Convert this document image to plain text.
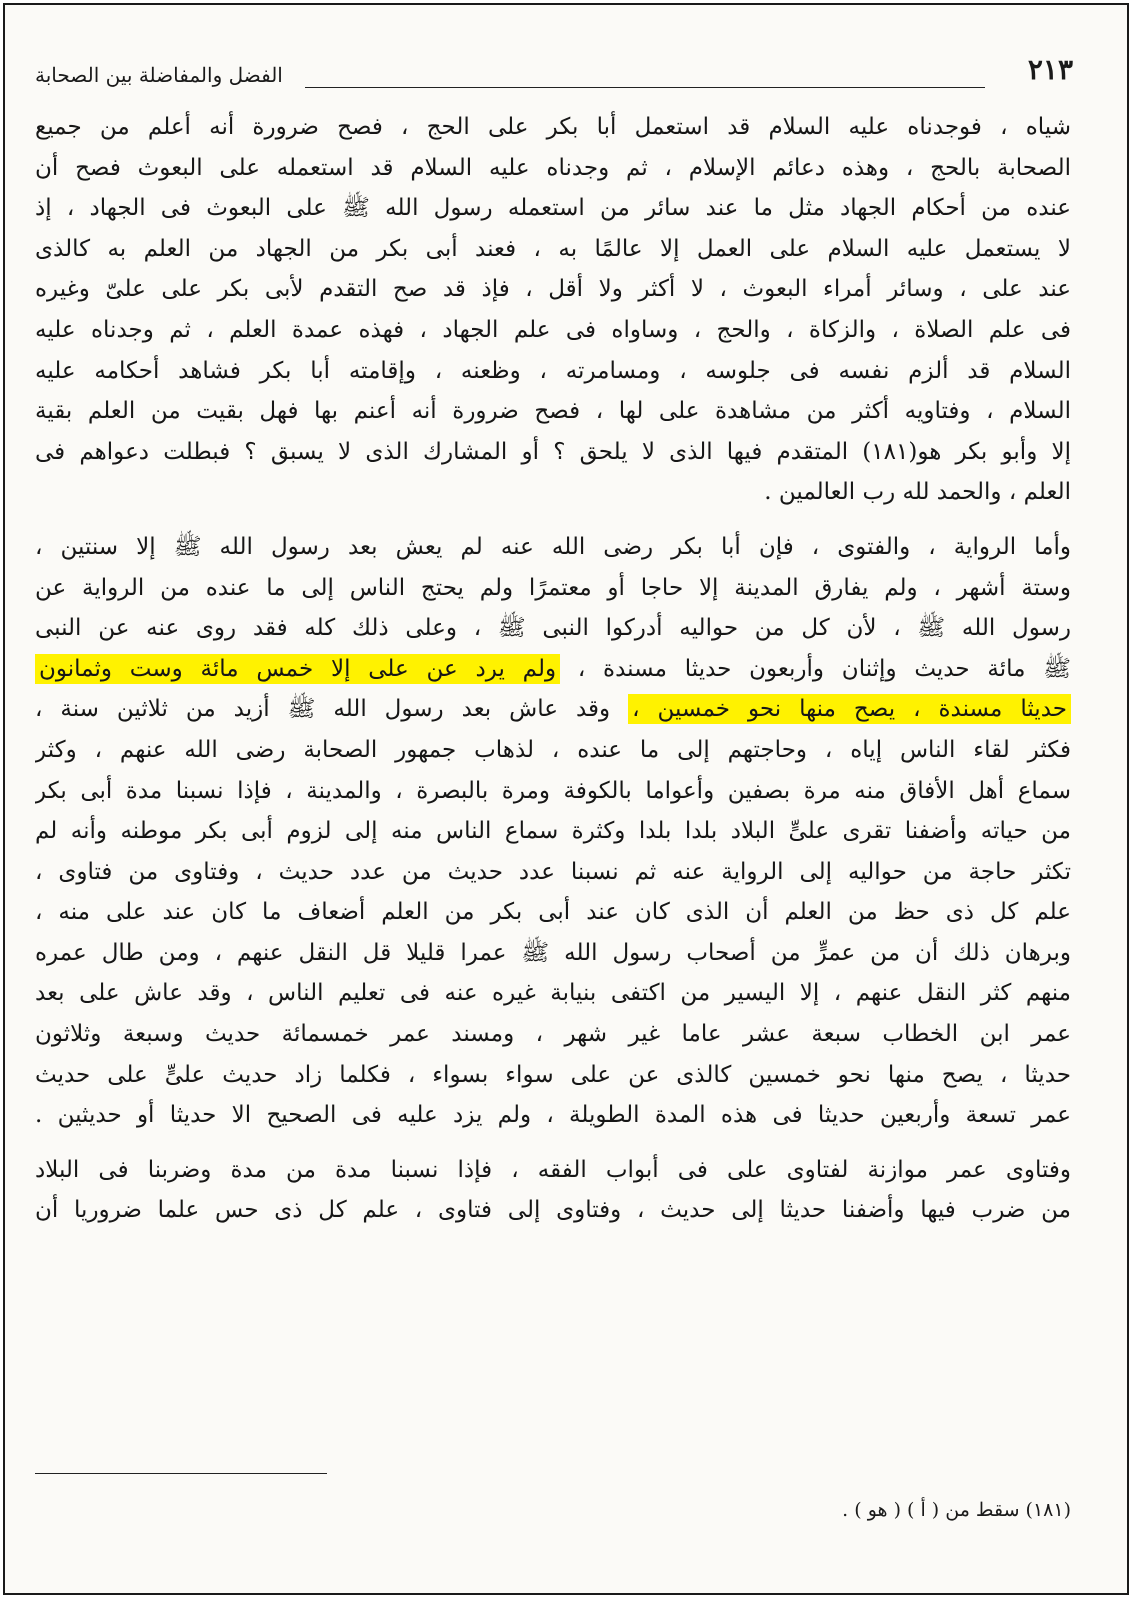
٢١٣
الفضل والمفاضلة بين الصحابة

شياه ، فوجدناه عليه السلام قد استعمل أبا بكر على الحج ، فصح ضرورة أنه أعلم من جميع

الصحابة بالحج ، وهذه دعائم الإسلام ، ثم وجدناه عليه السلام قد استعمله على البعوث فصح أن

عنده من أحكام الجهاد مثل ما عند سائر من استعمله رسول الله ﷺ على البعوث فى الجهاد ، إذ

لا يستعمل عليه السلام على العمل إلا عالمًا به ، فعند أبى بكر من الجهاد من العلم به كالذى

عند على ، وسائر أمراء البعوث ، لا أكثر ولا أقل ، فإذ قد صح التقدم لأبى بكر على علىّ وغيره

فى علم الصلاة ، والزكاة ، والحج ، وساواه فى علم الجهاد ، فهذه عمدة العلم ، ثم وجدناه عليه

السلام قد ألزم نفسه فى جلوسه ، ومسامرته ، وظعنه ، وإقامته أبا بكر فشاهد أحكامه عليه

السلام ، وفتاويه أكثر من مشاهدة على لها ، فصح ضرورة أنه أعنم بها فهل بقيت من العلم بقية

إلا وأبو بكر هو(١٨١) المتقدم فيها الذى لا يلحق ؟ أو المشارك الذى لا يسبق ؟ فبطلت دعواهم فى

العلم ، والحمد لله رب العالمين .

وأما الرواية ، والفتوى ، فإن أبا بكر رضى الله عنه لم يعش بعد رسول الله ﷺ إلا سنتين ،

وستة أشهر ، ولم يفارق المدينة إلا حاجا أو معتمرًا ولم يحتج الناس إلى ما عنده من الرواية عن

رسول الله ﷺ ، لأن كل من حواليه أدركوا النبى ﷺ ، وعلى ذلك كله فقد روى عنه عن النبى

ﷺ مائة حديث وإثنان وأربعون حديثا مسندة ، ولم يرد عن على إلا خمس مائة وست وثمانون

حديثا مسندة ، يصح منها نحو خمسين ، وقد عاش بعد رسول الله ﷺ أزيد من ثلاثين سنة ،

فكثر لقاء الناس إياه ، وحاجتهم إلى ما عنده ، لذهاب جمهور الصحابة رضى الله عنهم ، وكثر

سماع أهل الأفاق منه مرة بصفين وأعواما بالكوفة ومرة بالبصرة ، والمدينة ، فإذا نسبنا مدة أبى بكر

من حياته وأضفنا تقرى علىٍّ البلاد بلدا بلدا وكثرة سماع الناس منه إلى لزوم أبى بكر موطنه وأنه لم

تكثر حاجة من حواليه إلى الرواية عنه ثم نسبنا عدد حديث من عدد حديث ، وفتاوى من فتاوى ،

علم كل ذى حظ من العلم أن الذى كان عند أبى بكر من العلم أضعاف ما كان عند على منه ،

وبرهان ذلك أن من عمرٍّ من أصحاب رسول الله ﷺ عمرا قليلا قل النقل عنهم ، ومن طال عمره

منهم كثر النقل عنهم ، إلا اليسير من اكتفى بنيابة غيره عنه فى تعليم الناس ، وقد عاش على بعد

عمر ابن الخطاب سبعة عشر عاما غير شهر ، ومسند عمر خمسمائة حديث وسبعة وثلاثون

حديثا ، يصح منها نحو خمسين كالذى عن على سواء بسواء ، فكلما زاد حديث علىٍّ على حديث

عمر تسعة وأربعين حديثا فى هذه المدة الطويلة ، ولم يزد عليه فى الصحيح الا حديثا أو حديثين .

وفتاوى عمر موازنة لفتاوى على فى أبواب الفقه ، فإذا نسبنا مدة من مدة وضربنا فى البلاد

من ضرب فيها وأضفنا حديثا إلى حديث ، وفتاوى إلى فتاوى ، علم كل ذى حس علما ضروريا أن

(١٨١) سقط من ( أ ) ( هو ) .
